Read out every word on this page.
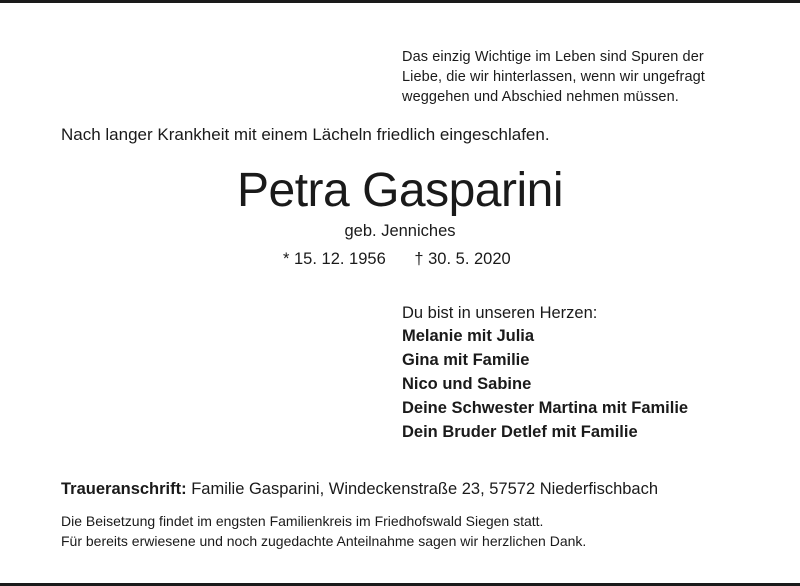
Das einzig Wichtige im Leben sind Spuren der
Liebe, die wir hinterlassen, wenn wir ungefragt
weggehen und Abschied nehmen müssen.
Nach langer Krankheit mit einem Lächeln friedlich eingeschlafen.
Petra Gasparini
geb. Jenniches
* 15. 12. 1956 † 30. 5. 2020
Du bist in unseren Herzen:
Melanie mit Julia
Gina mit Familie
Nico und Sabine
Deine Schwester Martina mit Familie
Dein Bruder Detlef mit Familie
Traueranschrift: Familie Gasparini, Windeckenstraße 23, 57572 Niederfischbach
Die Beisetzung findet im engsten Familienkreis im Friedhofswald Siegen statt.
Für bereits erwiesene und noch zugedachte Anteilnahme sagen wir herzlichen Dank.
